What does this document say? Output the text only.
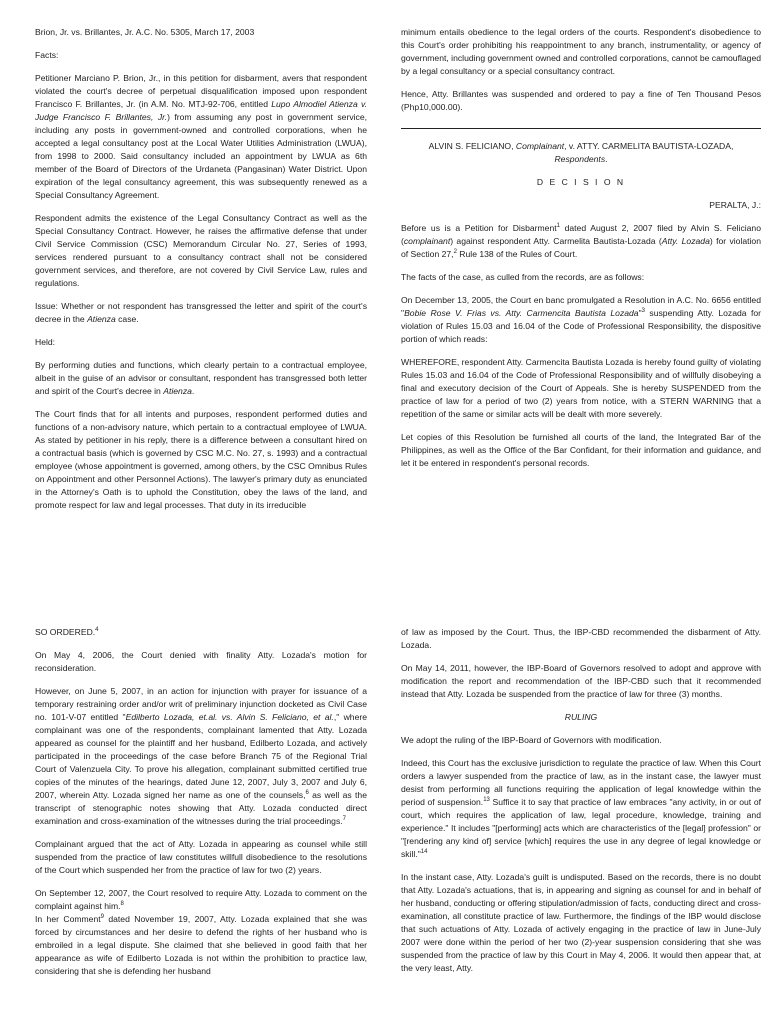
Brion, Jr. vs. Brillantes, Jr. A.C. No. 5305, March 17, 2003

Facts:

Petitioner Marciano P. Brion, Jr., in this petition for disbarment, avers that respondent violated the court's decree of perpetual disqualification imposed upon respondent Francisco F. Brillantes, Jr. (in A.M. No. MTJ-92-706, entitled Lupo Almodiel Atienza v. Judge Francisco F. Brillantes, Jr.) from assuming any post in government service, including any posts in government-owned and controlled corporations, when he accepted a legal consultancy post at the Local Water Utilities Administration (LWUA), from 1998 to 2000. Said consultancy included an appointment by LWUA as 6th member of the Board of Directors of the Urdaneta (Pangasinan) Water District. Upon expiration of the legal consultancy agreement, this was subsequently renewed as a Special Consultancy Agreement.

Respondent admits the existence of the Legal Consultancy Contract as well as the Special Consultancy Contract. However, he raises the affirmative defense that under Civil Service Commission (CSC) Memorandum Circular No. 27, Series of 1993, services rendered pursuant to a consultancy contract shall not be considered government services, and therefore, are not covered by Civil Service Law, rules and regulations.

Issue: Whether or not respondent has transgressed the letter and spirit of the court's decree in the Atienza case.

Held:

By performing duties and functions, which clearly pertain to a contractual employee, albeit in the guise of an advisor or consultant, respondent has transgressed both letter and spirit of the Court's decree in Atienza.

The Court finds that for all intents and purposes, respondent performed duties and functions of a non-advisory nature, which pertain to a contractual employee of LWUA. As stated by petitioner in his reply, there is a difference between a consultant hired on a contractual basis (which is governed by CSC M.C. No. 27, s. 1993) and a contractual employee (whose appointment is governed, among others, by the CSC Omnibus Rules on Appointment and other Personnel Actions). The lawyer's primary duty as enunciated in the Attorney's Oath is to uphold the Constitution, obey the laws of the land, and promote respect for law and legal processes. That duty in its irreducible

minimum entails obedience to the legal orders of the courts. Respondent's disobedience to this Court's order prohibiting his reappointment to any branch, instrumentality, or agency of government, including government owned and controlled corporations, cannot be camouflaged by a legal consultancy or a special consultancy contract.

Hence, Atty. Brillantes was suspended and ordered to pay a fine of Ten Thousand Pesos (Php10,000.00).

ALVIN S. FELICIANO, Complainant, v. ATTY. CARMELITA BAUTISTA-LOZADA, Respondents.

D E C I S I O N

PERALTA, J.:

Before us is a Petition for Disbarment$^1$ dated August 2, 2007 filed by Alvin S. Feliciano (complainant) against respondent Atty. Carmelita Bautista-Lozada (Atty. Lozada) for violation of Section 27,$^2$ Rule 138 of the Rules of Court.

The facts of the case, as culled from the records, are as follows:

On December 13, 2005, the Court en banc promulgated a Resolution in A.C. No. 6656 entitled "Bobie Rose V. Frias vs. Atty. Carmencita Bautista Lozada"$^3$ suspending Atty. Lozada for violation of Rules 15.03 and 16.04 of the Code of Professional Responsibility, the dispositive portion of which reads:

WHEREFORE, respondent Atty. Carmencita Bautista Lozada is hereby found guilty of violating Rules 15.03 and 16.04 of the Code of Professional Responsibility and of willfully disobeying a final and executory decision of the Court of Appeals. She is hereby SUSPENDED from the practice of law for a period of two (2) years from notice, with a STERN WARNING that a repetition of the same or similar acts will be dealt with more severely.

Let copies of this Resolution be furnished all courts of the land, the Integrated Bar of the Philippines, as well as the Office of the Bar Confidant, for their information and guidance, and let it be entered in respondent's personal records.

SO ORDERED.$^4$

On May 4, 2006, the Court denied with finality Atty. Lozada's motion for reconsideration.

However, on June 5, 2007, in an action for injunction with prayer for issuance of a temporary restraining order and/or writ of preliminary injunction docketed as Civil Case no. 101-V-07 entitled "Edilberto Lozada, et.al. vs. Alvin S. Feliciano, et al.," where complainant was one of the respondents, complainant lamented that Atty. Lozada appeared as counsel for the plaintiff and her husband, Edilberto Lozada, and actively participated in the proceedings of the case before Branch 75 of the Regional Trial Court of Valenzuela City. To prove his allegation, complainant submitted certified true copies of the minutes of the hearings, dated June 12, 2007, July 3, 2007 and July 6, 2007, wherein Atty. Lozada signed her name as one of the counsels,$^6$ as well as the transcript of stenographic notes showing that Atty. Lozada conducted direct examination and cross-examination of the witnesses during the trial proceedings.$^7$

Complainant argued that the act of Atty. Lozada in appearing as counsel while still suspended from the practice of law constitutes willfull disobedience to the resolutions of the Court which suspended her from the practice of law for two (2) years.

On September 12, 2007, the Court resolved to require Atty. Lozada to comment on the complaint against him.$^8$

In her Comment$^9$ dated November 19, 2007, Atty. Lozada explained that she was forced by circumstances and her desire to defend the rights of her husband who is embroiled in a legal dispute. She claimed that she believed in good faith that her appearance as wife of Edilberto Lozada is not within the prohibition to practice law, considering that she is defending her husband

of law as imposed by the Court. Thus, the IBP-CBD recommended the disbarment of Atty. Lozada.

On May 14, 2011, however, the IBP-Board of Governors resolved to adopt and approve with modification the report and recommendation of the IBP-CBD such that it recommended instead that Atty. Lozada be suspended from the practice of law for three (3) months.

RULING

We adopt the ruling of the IBP-Board of Governors with modification.

Indeed, this Court has the exclusive jurisdiction to regulate the practice of law. When this Court orders a lawyer suspended from the practice of law, as in the instant case, the lawyer must desist from performing all functions requiring the application of legal knowledge within the period of suspension.$^{13}$ Suffice it to say that practice of law embraces "any activity, in or out of court, which requires the application of law, legal procedure, knowledge, training and experience." It includes "[performing] acts which are characteristics of the [legal] profession" or "[rendering any kind of] service [which] requires the use in any degree of legal knowledge or skill."$^{14}$

In the instant case, Atty. Lozada's guilt is undisputed. Based on the records, there is no doubt that Atty. Lozada's actuations, that is, in appearing and signing as counsel for and in behalf of her husband, conducting or offering stipulation/admission of facts, conducting direct and cross-examination, all constitute practice of law. Furthermore, the findings of the IBP would disclose that such actuations of Atty. Lozada of actively engaging in the practice of law in June-July 2007 were done within the period of her two (2)-year suspension considering that she was suspended from the practice of law by this Court in May 4, 2006. It would then appear that, at the very least, Atty.
